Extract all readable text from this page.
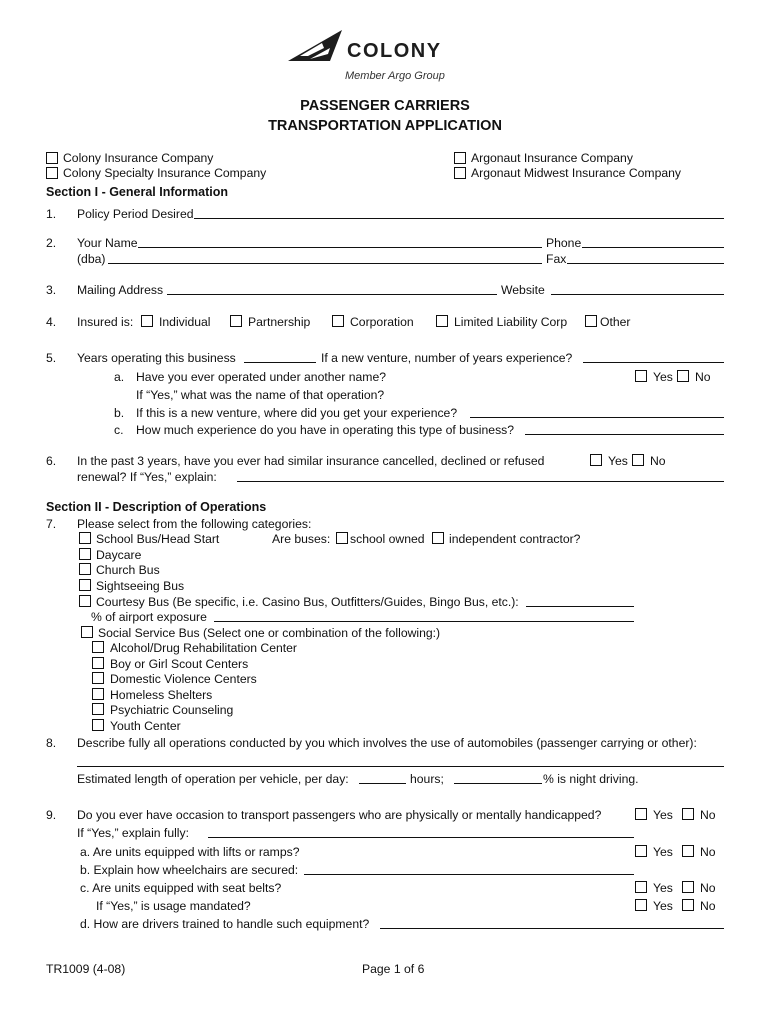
COLONY
Member Argo Group
PASSENGER CARRIERS
TRANSPORTATION APPLICATION
Colony Insurance Company
Colony Specialty Insurance Company
Argonaut Insurance Company
Argonaut Midwest Insurance Company
Section I - General Information
1. Policy Period Desired
2. Your Name	Phone
(dba)	Fax
3. Mailing Address	Website
4. Insured is: Individual	Partnership	Corporation	Limited Liability Corp	Other
5. Years operating this business	If a new venture, number of years experience?
a. Have you ever operated under another name?	Yes No
If “Yes,” what was the name of that operation?
b. If this is a new venture, where did you get your experience?
c. How much experience do you have in operating this type of business?
6. In the past 3 years, have you ever had similar insurance cancelled, declined or refused	Yes No
renewal? If “Yes,” explain:
Section II - Description of Operations
7. Please select from the following categories:
School Bus/Head Start	Are buses: school owned independent contractor?
Daycare
Church Bus
Sightseeing Bus
Courtesy Bus (Be specific, i.e. Casino Bus, Outfitters/Guides, Bingo Bus, etc.):
% of airport exposure
Social Service Bus (Select one or combination of the following:)
Alcohol/Drug Rehabilitation Center
Boy or Girl Scout Centers
Domestic Violence Centers
Homeless Shelters
Psychiatric Counseling
Youth Center
8. Describe fully all operations conducted by you which involves the use of automobiles (passenger carrying or other):
Estimated length of operation per vehicle, per day:	hours;	% is night driving.
9. Do you ever have occasion to transport passengers who are physically or mentally handicapped?	Yes No
If “Yes,” explain fully:
a. Are units equipped with lifts or ramps?	Yes No
b. Explain how wheelchairs are secured:
c. Are units equipped with seat belts?	Yes No
If “Yes,” is usage mandated?	Yes No
d. How are drivers trained to handle such equipment?
TR1009 (4-08)	Page 1 of 6
